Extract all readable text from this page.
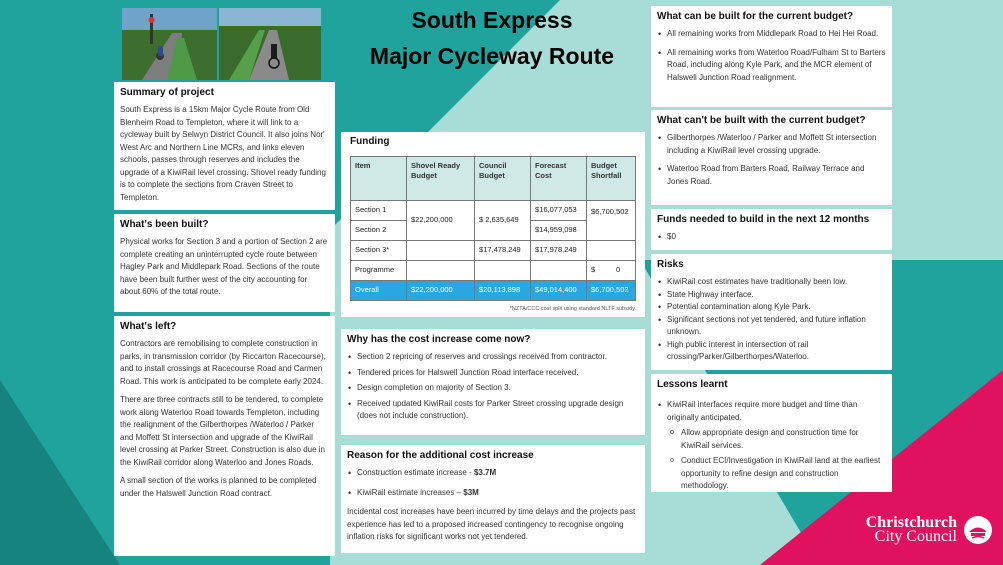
South Express
Major Cycleway Route
Summary of project

South Express is a 15km Major Cycle Route from Old Blenheim Road to Templeton, where it will link to a cycleway built by Selwyn District Council. It also joins Nor' West Arc and Northern Line MCRs, and links eleven schools, passes through reserves and includes the upgrade of a KiwiRail level crossing. Shovel ready funding is to complete the sections from Craven Street to Templeton.

What's been built?

Physical works for Section 3 and a portion of Section 2 are complete creating an uninterrupted cycle route between Hagley Park and Middlepark Road. Sections of the route have been built further west of the city accounting for about 60% of the total route.

What's left?

Contractors are remobilising to complete construction in parks, in transmission corridor (by Riccarton Racecourse), and to install crossings at Racecourse Road and Carmen Road. This work is anticipated to be complete early 2024.

There are three contracts still to be tendered, to complete work along Waterloo Road towards Templeton, including the realignment of the Gilberthorpes /Waterloo / Parker and Moffett St intersection and upgrade of the KiwiRail level crossing at Parker Street. Construction is also due in the KiwiRail corridor along Waterloo and Jones Roads.

A small section of the works is planned to be completed under the Halswell Junction Road contract.

Funding
Item	Shovel Ready Budget	Council Budget	Forecast Cost	Budget Shortfall
Section 1	$22,200,000	$ 2,635,649	$16,077,053	$6,700,502
Section 2			$14,959,098	
Section 3*		$17,478,249	$17,978,249	
Programme				$          0
Overall	$22,200,000	$20,113,898	$49,014,400	$6,700,502
*NZTA/CCC cost split using standard NLTF subsidy.
Why has the cost increase come now?
• Section 2 repricing of reserves and crossings received from contractor.
• Tendered prices for Halswell Junction Road interface received.
• Design completion on majority of Section 3.
• Received updated KiwiRail costs for Parker Street crossing upgrade design (does not include construction).
Reason for the additional cost increase
• Construction estimate increase - $3.7M
• KiwiRail estimate increases – $3M

Incidental cost increases have been incurred by time delays and the projects past experience has led to a proposed increased contingency to recognise ongoing inflation risks for significant works not yet tendered.

What can be built for the current budget?
• All remaining works from Middlepark Road to Hei Hei Road.
• All remaining works from Waterloo Road/Fulham St to Barters Road, including along Kyle Park, and the MCR element of Halswell Junction Road realignment.
What can't be built with the current budget?
• Gilberthorpes /Waterloo / Parker and Moffett St intersection including a KiwiRail level crossing upgrade.
• Waterloo Road from Barters Road, Railway Terrace and Jones Road.
Funds needed to build in the next 12 months
• $0
Risks
• KiwiRail cost estimates have traditionally been low.
• State Highway interface.
• Potential contamination along Kyle Park.
• Significant sections not yet tendered, and future inflation unknown.
• High public interest in intersection of rail crossing/Parker/Gilberthorpes/Waterloo.
Lessons learnt
• KiwiRail interfaces require more budget and time than originally anticipated.
o Allow appropriate design and construction time for KiwiRail services.
o Conduct ECI/Investigation in KiwiRail land at the earliest opportunity to refine design and construction methodology.
Christchurch
City Council
